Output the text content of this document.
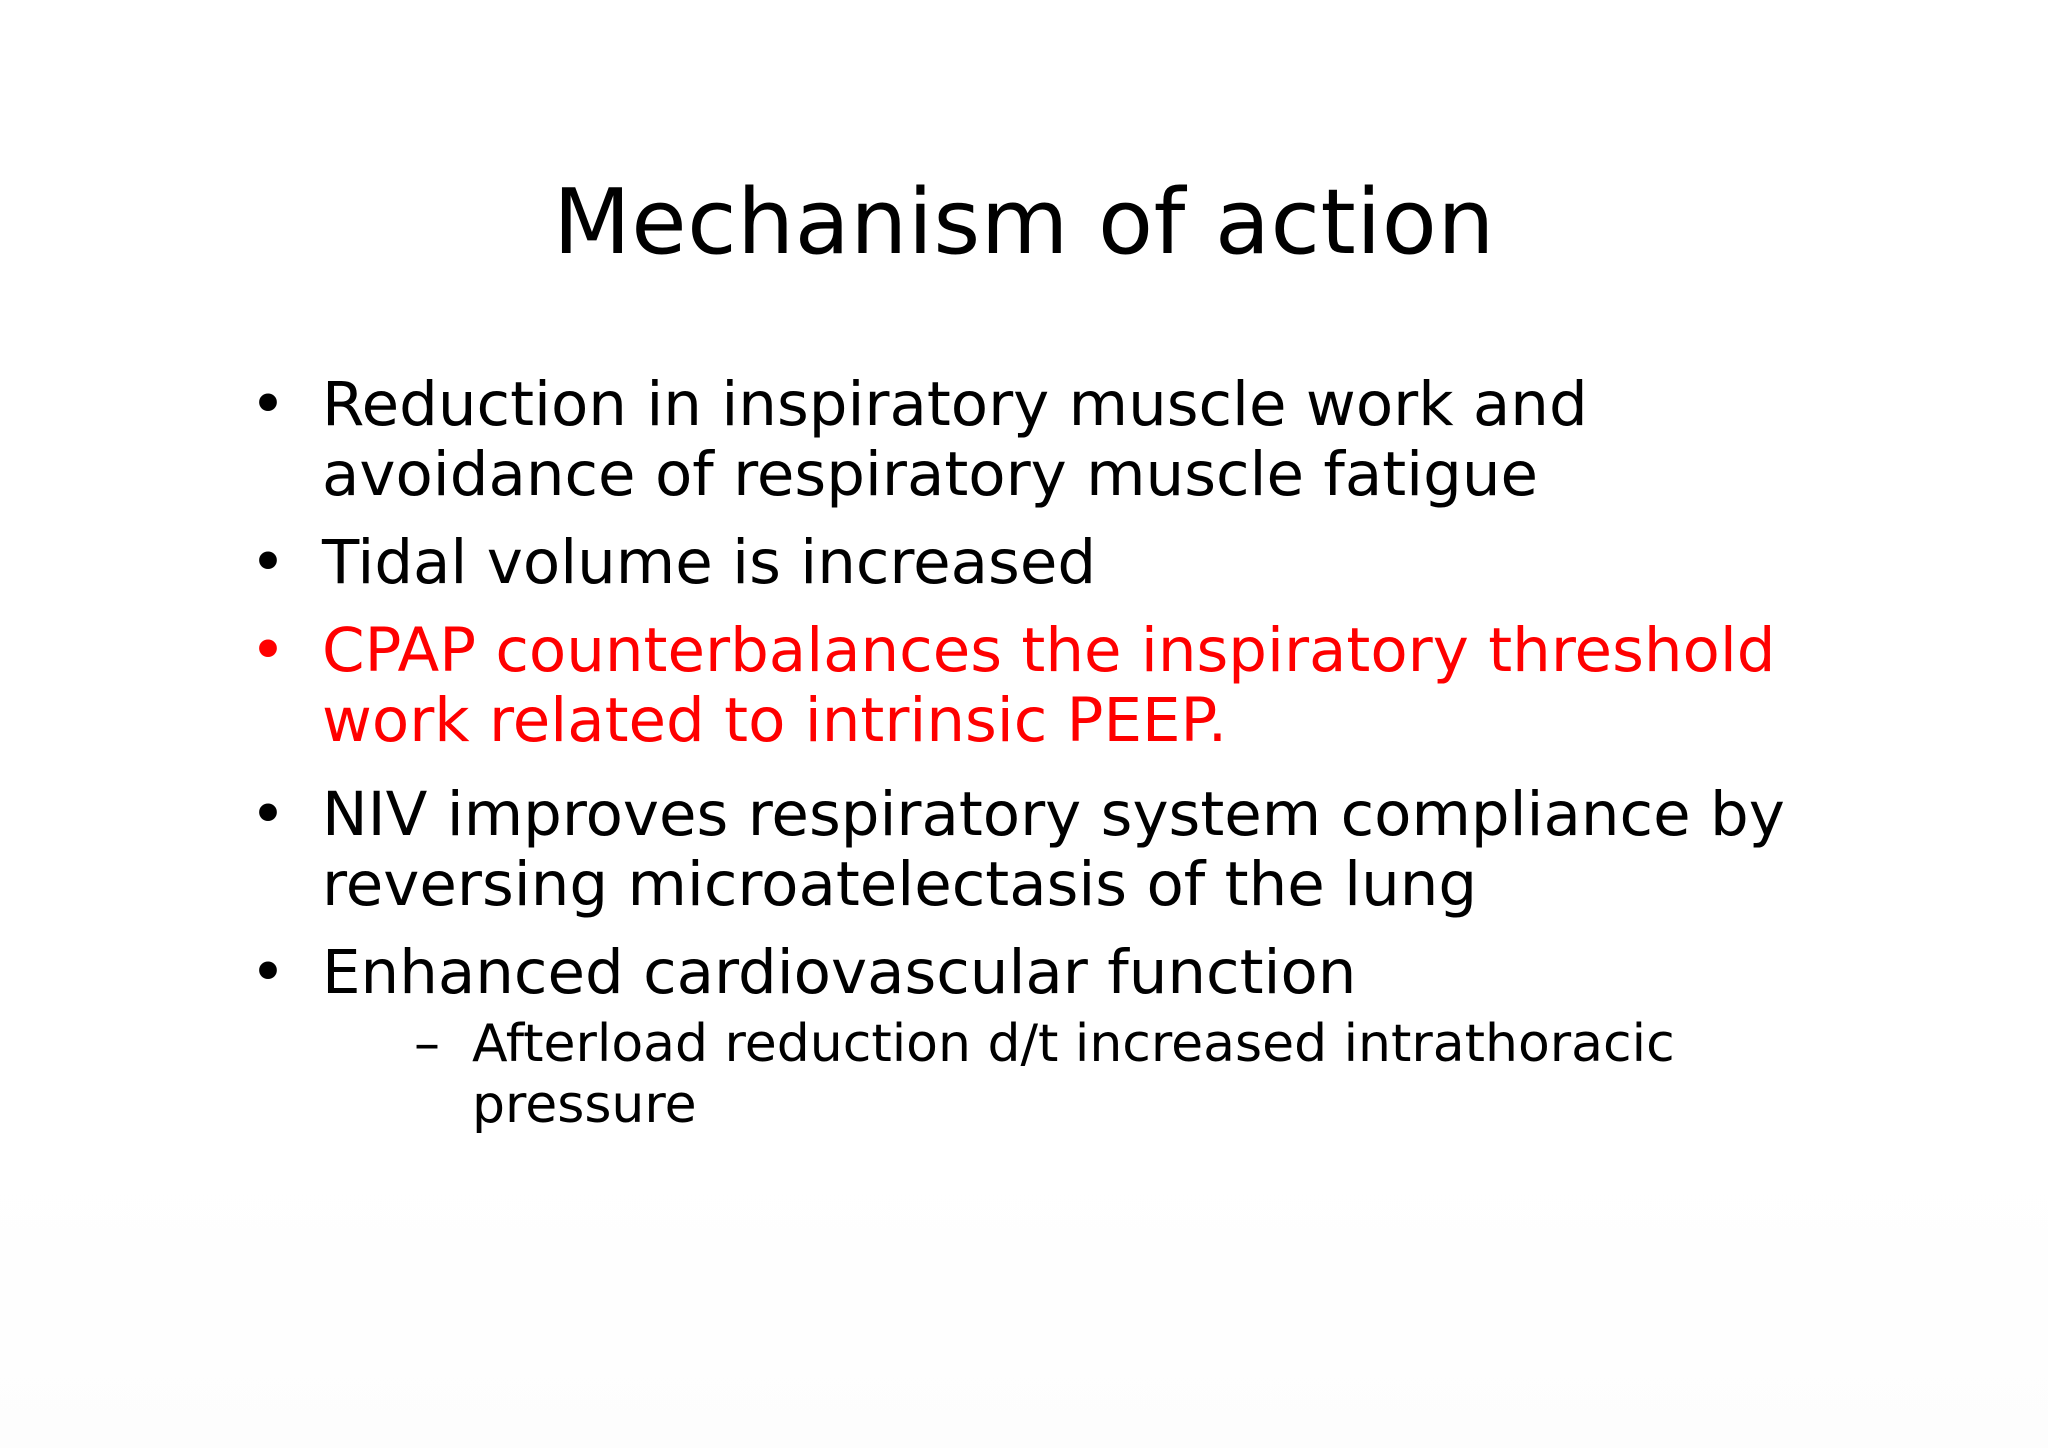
Mechanism of action
• Reduction in inspiratory muscle work and avoidance of respiratory muscle fatigue
• Tidal volume is increased
• CPAP counterbalances the inspiratory threshold work related to intrinsic PEEP.
• NIV improves respiratory system compliance by reversing microatelectasis of the lung
• Enhanced cardiovascular function
– Afterload reduction d/t increased intrathoracic pressure
